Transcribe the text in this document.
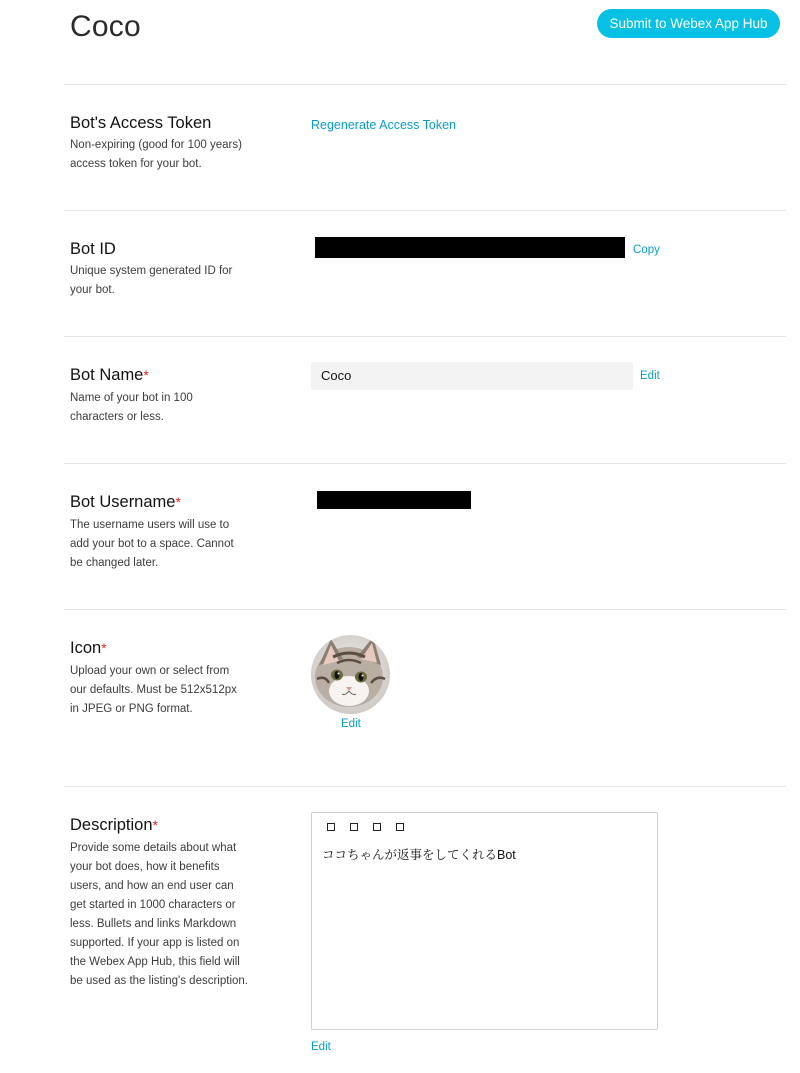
Coco	Submit to Webex App Hub
Bot's Access Token
Non-expiring (good for 100 years) access token for your bot.
Regenerate Access Token
Bot ID
Unique system generated ID for your bot.
Copy
Bot Name*
Name of your bot in 100 characters or less.
Coco	Edit
Bot Username*
The username users will use to add your bot to a space. Cannot be changed later.
Icon*
Upload your own or select from our defaults. Must be 512x512px in JPEG or PNG format.
Edit
Description*
Provide some details about what your bot does, how it benefits users, and how an end user can get started in 1000 characters or less. Bullets and links Markdown supported. If your app is listed on the Webex App Hub, this field will be used as the listing's description.
ココちゃんが返事をしてくれるBot
Edit
